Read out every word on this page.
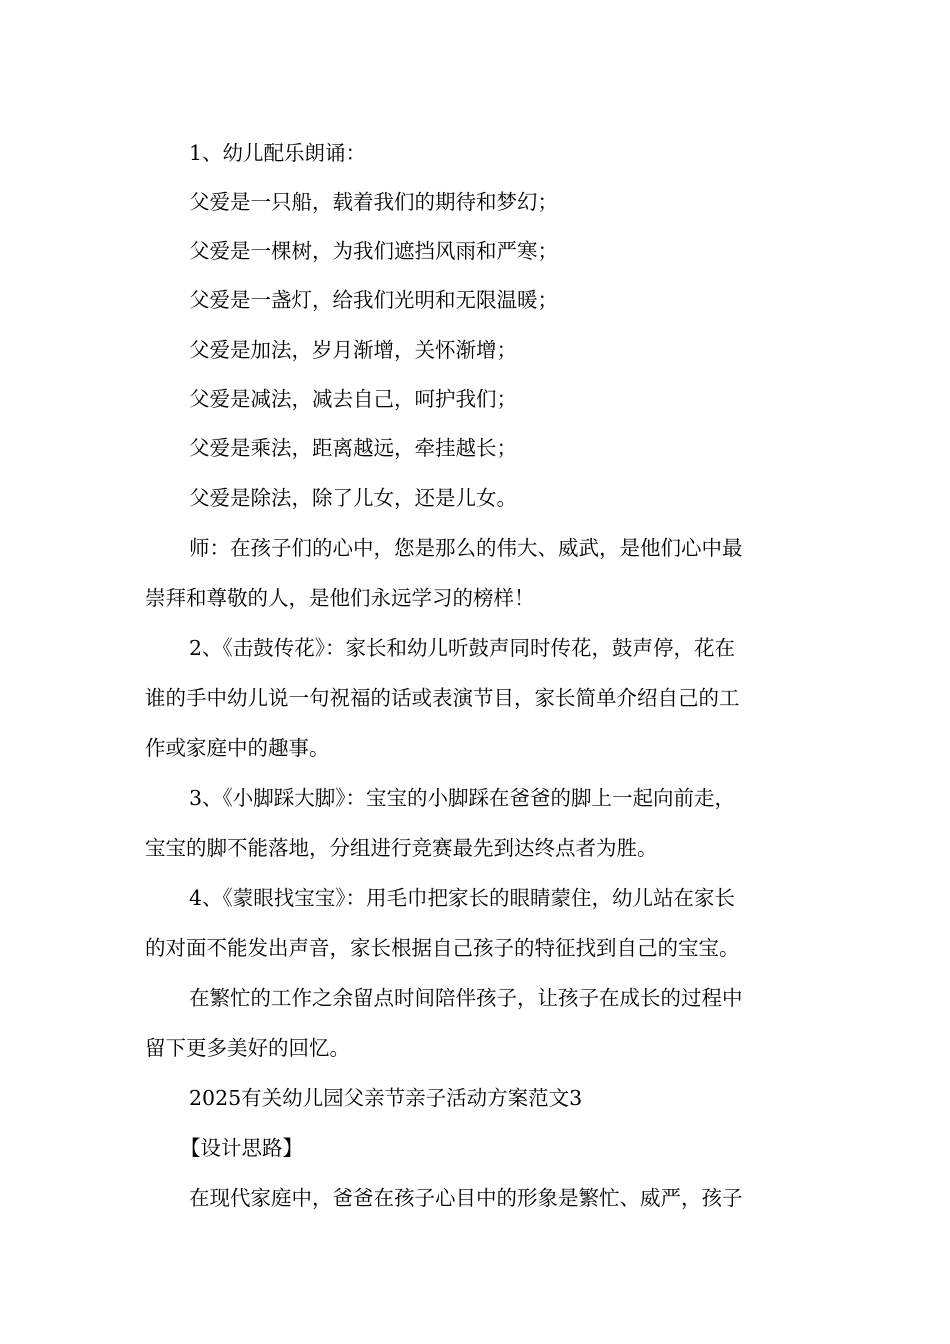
1、幼儿配乐朗诵：

父爱是一只船，载着我们的期待和梦幻；

父爱是一棵树，为我们遮挡风雨和严寒；

父爱是一盏灯，给我们光明和无限温暖；

父爱是加法，岁月渐增，关怀渐增；

父爱是减法，减去自己，呵护我们；

父爱是乘法，距离越远，牵挂越长；

父爱是除法，除了儿女，还是儿女。

师：在孩子们的心中，您是那么的伟大、威武，是他们心中最

崇拜和尊敬的人，是他们永远学习的榜样！

2、《击鼓传花》：家长和幼儿听鼓声同时传花，鼓声停，花在

谁的手中幼儿说一句祝福的话或表演节目，家长简单介绍自己的工

作或家庭中的趣事。

3、《小脚踩大脚》：宝宝的小脚踩在爸爸的脚上一起向前走，

宝宝的脚不能落地，分组进行竞赛最先到达终点者为胜。

4、《蒙眼找宝宝》：用毛巾把家长的眼睛蒙住，幼儿站在家长

的对面不能发出声音，家长根据自己孩子的特征找到自己的宝宝。

在繁忙的工作之余留点时间陪伴孩子，让孩子在成长的过程中

留下更多美好的回忆。

2025有关幼儿园父亲节亲子活动方案范文3

【设计思路】

在现代家庭中，爸爸在孩子心目中的形象是繁忙、威严，孩子
